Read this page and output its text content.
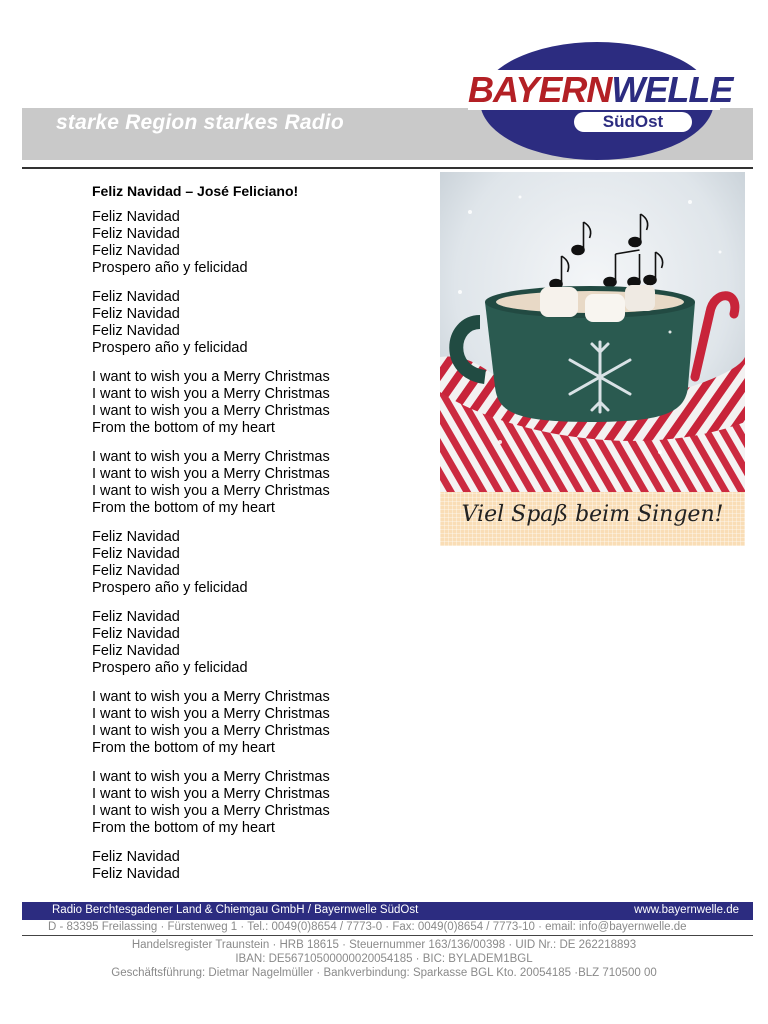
starke Region starkes Radio
BAYERNWELLE
SüdOst
Feliz Navidad – José Feliciano!
Feliz Navidad
Feliz Navidad
Feliz Navidad
Prospero año y felicidad
Feliz Navidad
Feliz Navidad
Feliz Navidad
Prospero año y felicidad
I want to wish you a Merry Christmas
I want to wish you a Merry Christmas
I want to wish you a Merry Christmas
From the bottom of my heart
I want to wish you a Merry Christmas
I want to wish you a Merry Christmas
I want to wish you a Merry Christmas
From the bottom of my heart
Feliz Navidad
Feliz Navidad
Feliz Navidad
Prospero año y felicidad
Feliz Navidad
Feliz Navidad
Feliz Navidad
Prospero año y felicidad
I want to wish you a Merry Christmas
I want to wish you a Merry Christmas
I want to wish you a Merry Christmas
From the bottom of my heart
I want to wish you a Merry Christmas
I want to wish you a Merry Christmas
I want to wish you a Merry Christmas
From the bottom of my heart
Feliz Navidad
Feliz Navidad
Viel Spaß beim Singen!
Radio Berchtesgadener Land & Chiemgau GmbH / Bayernwelle SüdOst	www.bayernwelle.de
D - 83395 Freilassing · Fürstenweg 1 · Tel.: 0049(0)8654 / 7773-0 · Fax: 0049(0)8654 / 7773-10 · email: info@bayernwelle.de
Handelsregister Traunstein · HRB 18615 · Steuernummer 163/136/00398 · UID Nr.: DE 262218893
IBAN: DE56710500000020054185 · BIC: BYLADEM1BGL
Geschäftsführung: Dietmar Nagelmüller · Bankverbindung: Sparkasse BGL Kto. 20054185 ·BLZ 710500 00
